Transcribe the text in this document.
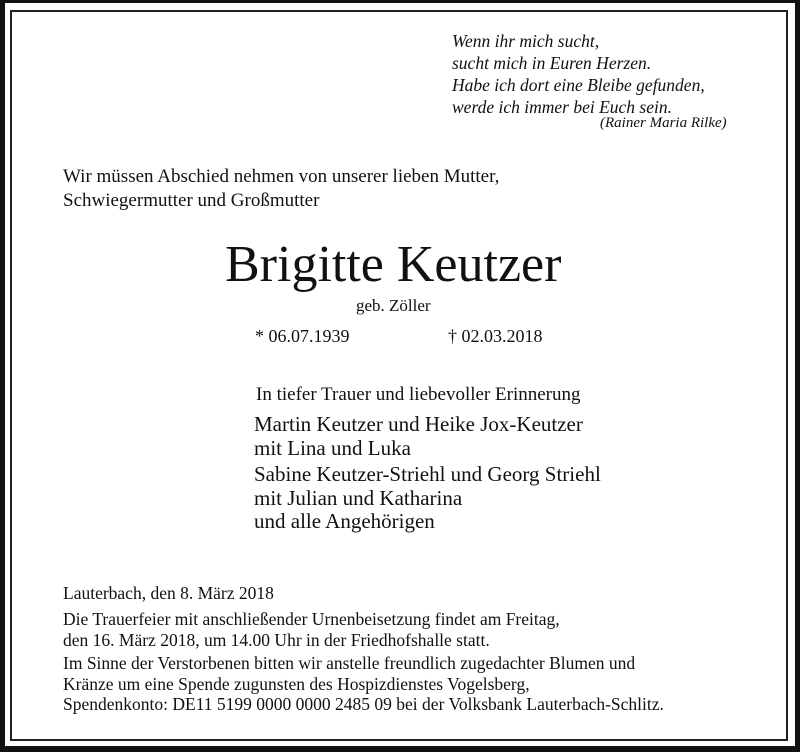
Wenn ihr mich sucht,
sucht mich in Euren Herzen.
Habe ich dort eine Bleibe gefunden,
werde ich immer bei Euch sein.
(Rainer Maria Rilke)
Wir müssen Abschied nehmen von unserer lieben Mutter,
Schwiegermutter und Großmutter
Brigitte Keutzer
geb. Zöller
* 06.07.1939	† 02.03.2018
In tiefer Trauer und liebevoller Erinnerung
Martin Keutzer und Heike Jox-Keutzer
mit Lina und Luka
Sabine Keutzer-Striehl und Georg Striehl
mit Julian und Katharina
und alle Angehörigen
Lauterbach, den 8. März 2018

Die Trauerfeier mit anschließender Urnenbeisetzung findet am Freitag,
den 16. März 2018, um 14.00 Uhr in der Friedhofshalle statt.

Im Sinne der Verstorbenen bitten wir anstelle freundlich zugedachter Blumen und
Kränze um eine Spende zugunsten des Hospizdienstes Vogelsberg,
Spendenkonto: DE11 5199 0000 0000 2485 09 bei der Volksbank Lauterbach-Schlitz.
